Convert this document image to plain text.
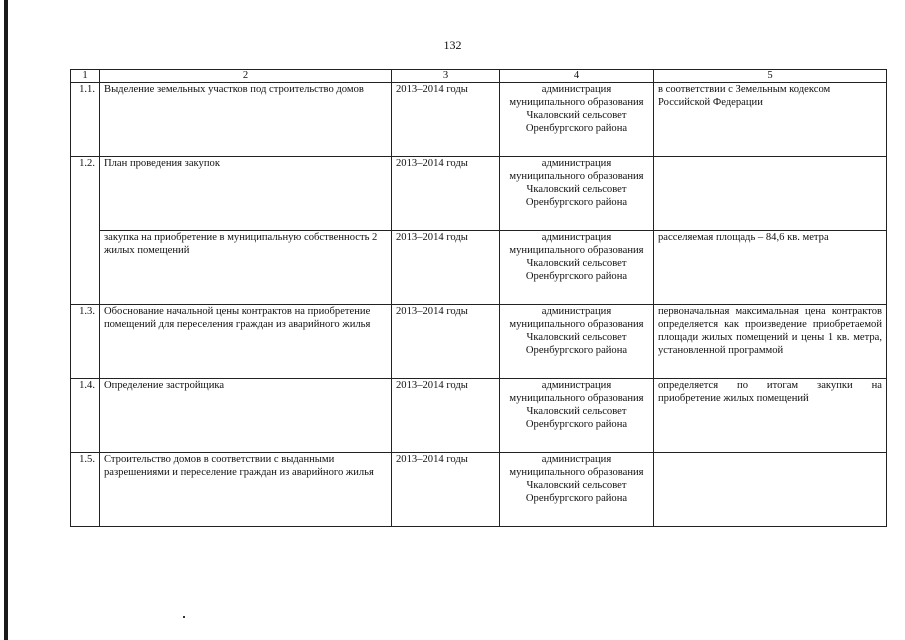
132
1	2	3	4	5
1.1.	Выделение земельных участков под строительство домов	2013–2014 годы	администрация муниципального образования Чкаловский сельсовет Оренбургского района	в соответствии с Земельным кодексом Российской Федерации
1.2.	План проведения закупок	2013–2014 годы	администрация муниципального образования Чкаловский сельсовет Оренбургского района	
	закупка на приобретение в муниципальную собственность 2 жилых помещений	2013–2014 годы	администрация муниципального образования Чкаловский сельсовет Оренбургского района	расселяемая площадь – 84,6 кв. метра
1.3.	Обоснование начальной цены контрактов на приобретение помещений для переселения граждан из аварийного жилья	2013–2014 годы	администрация муниципального образования Чкаловский сельсовет Оренбургского района	первоначальная максимальная цена контрактов определяется как произведение приобретаемой площади жилых помещений и цены 1 кв. метра, установленной программой
1.4.	Определение застройщика	2013–2014 годы	администрация муниципального образования Чкаловский сельсовет Оренбургского района	определяется по итогам закупки на приобретение жилых помещений
1.5.	Строительство домов в соответствии с выданными разрешениями и переселение граждан из аварийного жилья	2013–2014 годы	администрация муниципального образования Чкаловский сельсовет Оренбургского района	
